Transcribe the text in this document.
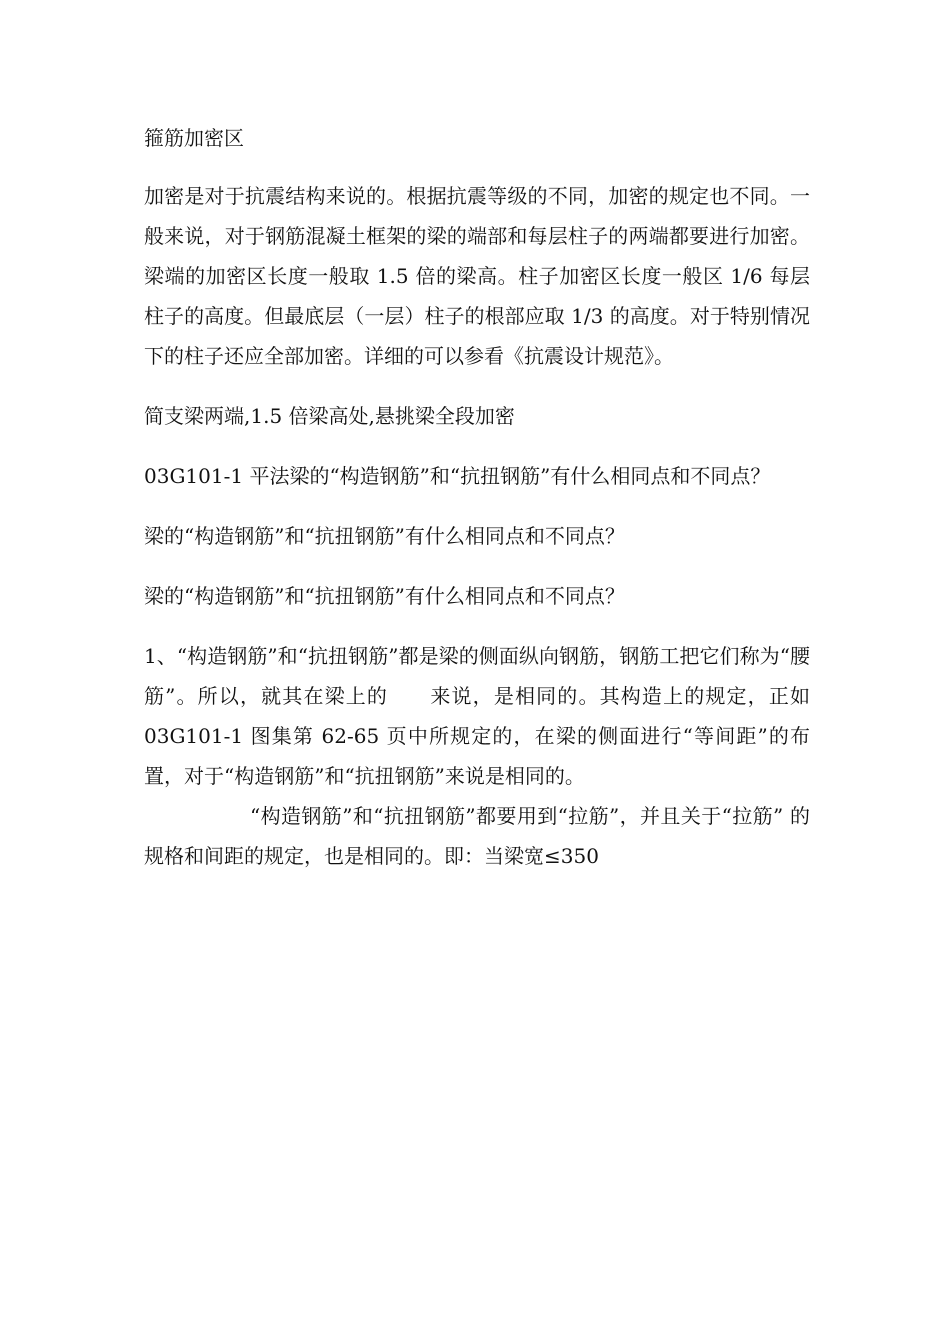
箍筋加密区

加密是对于抗震结构来说的。根据抗震等级的不同，加密的规定也不同。一般来说，对于钢筋混凝土框架的梁的端部和每层柱子的两端都要进行加密。梁端的加密区长度一般取 1.5 倍的梁高。柱子加密区长度一般区 1/6 每层柱子的高度。但最底层（一层）柱子的根部应取 1/3 的高度。对于特别情况下的柱子还应全部加密。详细的可以参看《抗震设计规范》。

简支梁两端,1.5 倍梁高处,悬挑梁全段加密

03G101-1 平法梁的“构造钢筋”和“抗扭钢筋”有什么相同点和不同点？

梁的“构造钢筋”和“抗扭钢筋”有什么相同点和不同点？

梁的“构造钢筋”和“抗扭钢筋”有什么相同点和不同点？

1、“构造钢筋”和“抗扭钢筋”都是梁的侧面纵向钢筋，钢筋工把它们称为“腰筋”。所以，就其在梁上的　　来说，是相同的。其构造上的规定，正如 03G101-1 图集第 62-65 页中所规定的，在梁的侧面进行“等间距”的布置，对于“构造钢筋”和“抗扭钢筋”来说是相同的。

“构造钢筋”和“抗扭钢筋”都要用到“拉筋”，并且关于“拉筋” 的规格和间距的规定，也是相同的。即：当梁宽≤350
